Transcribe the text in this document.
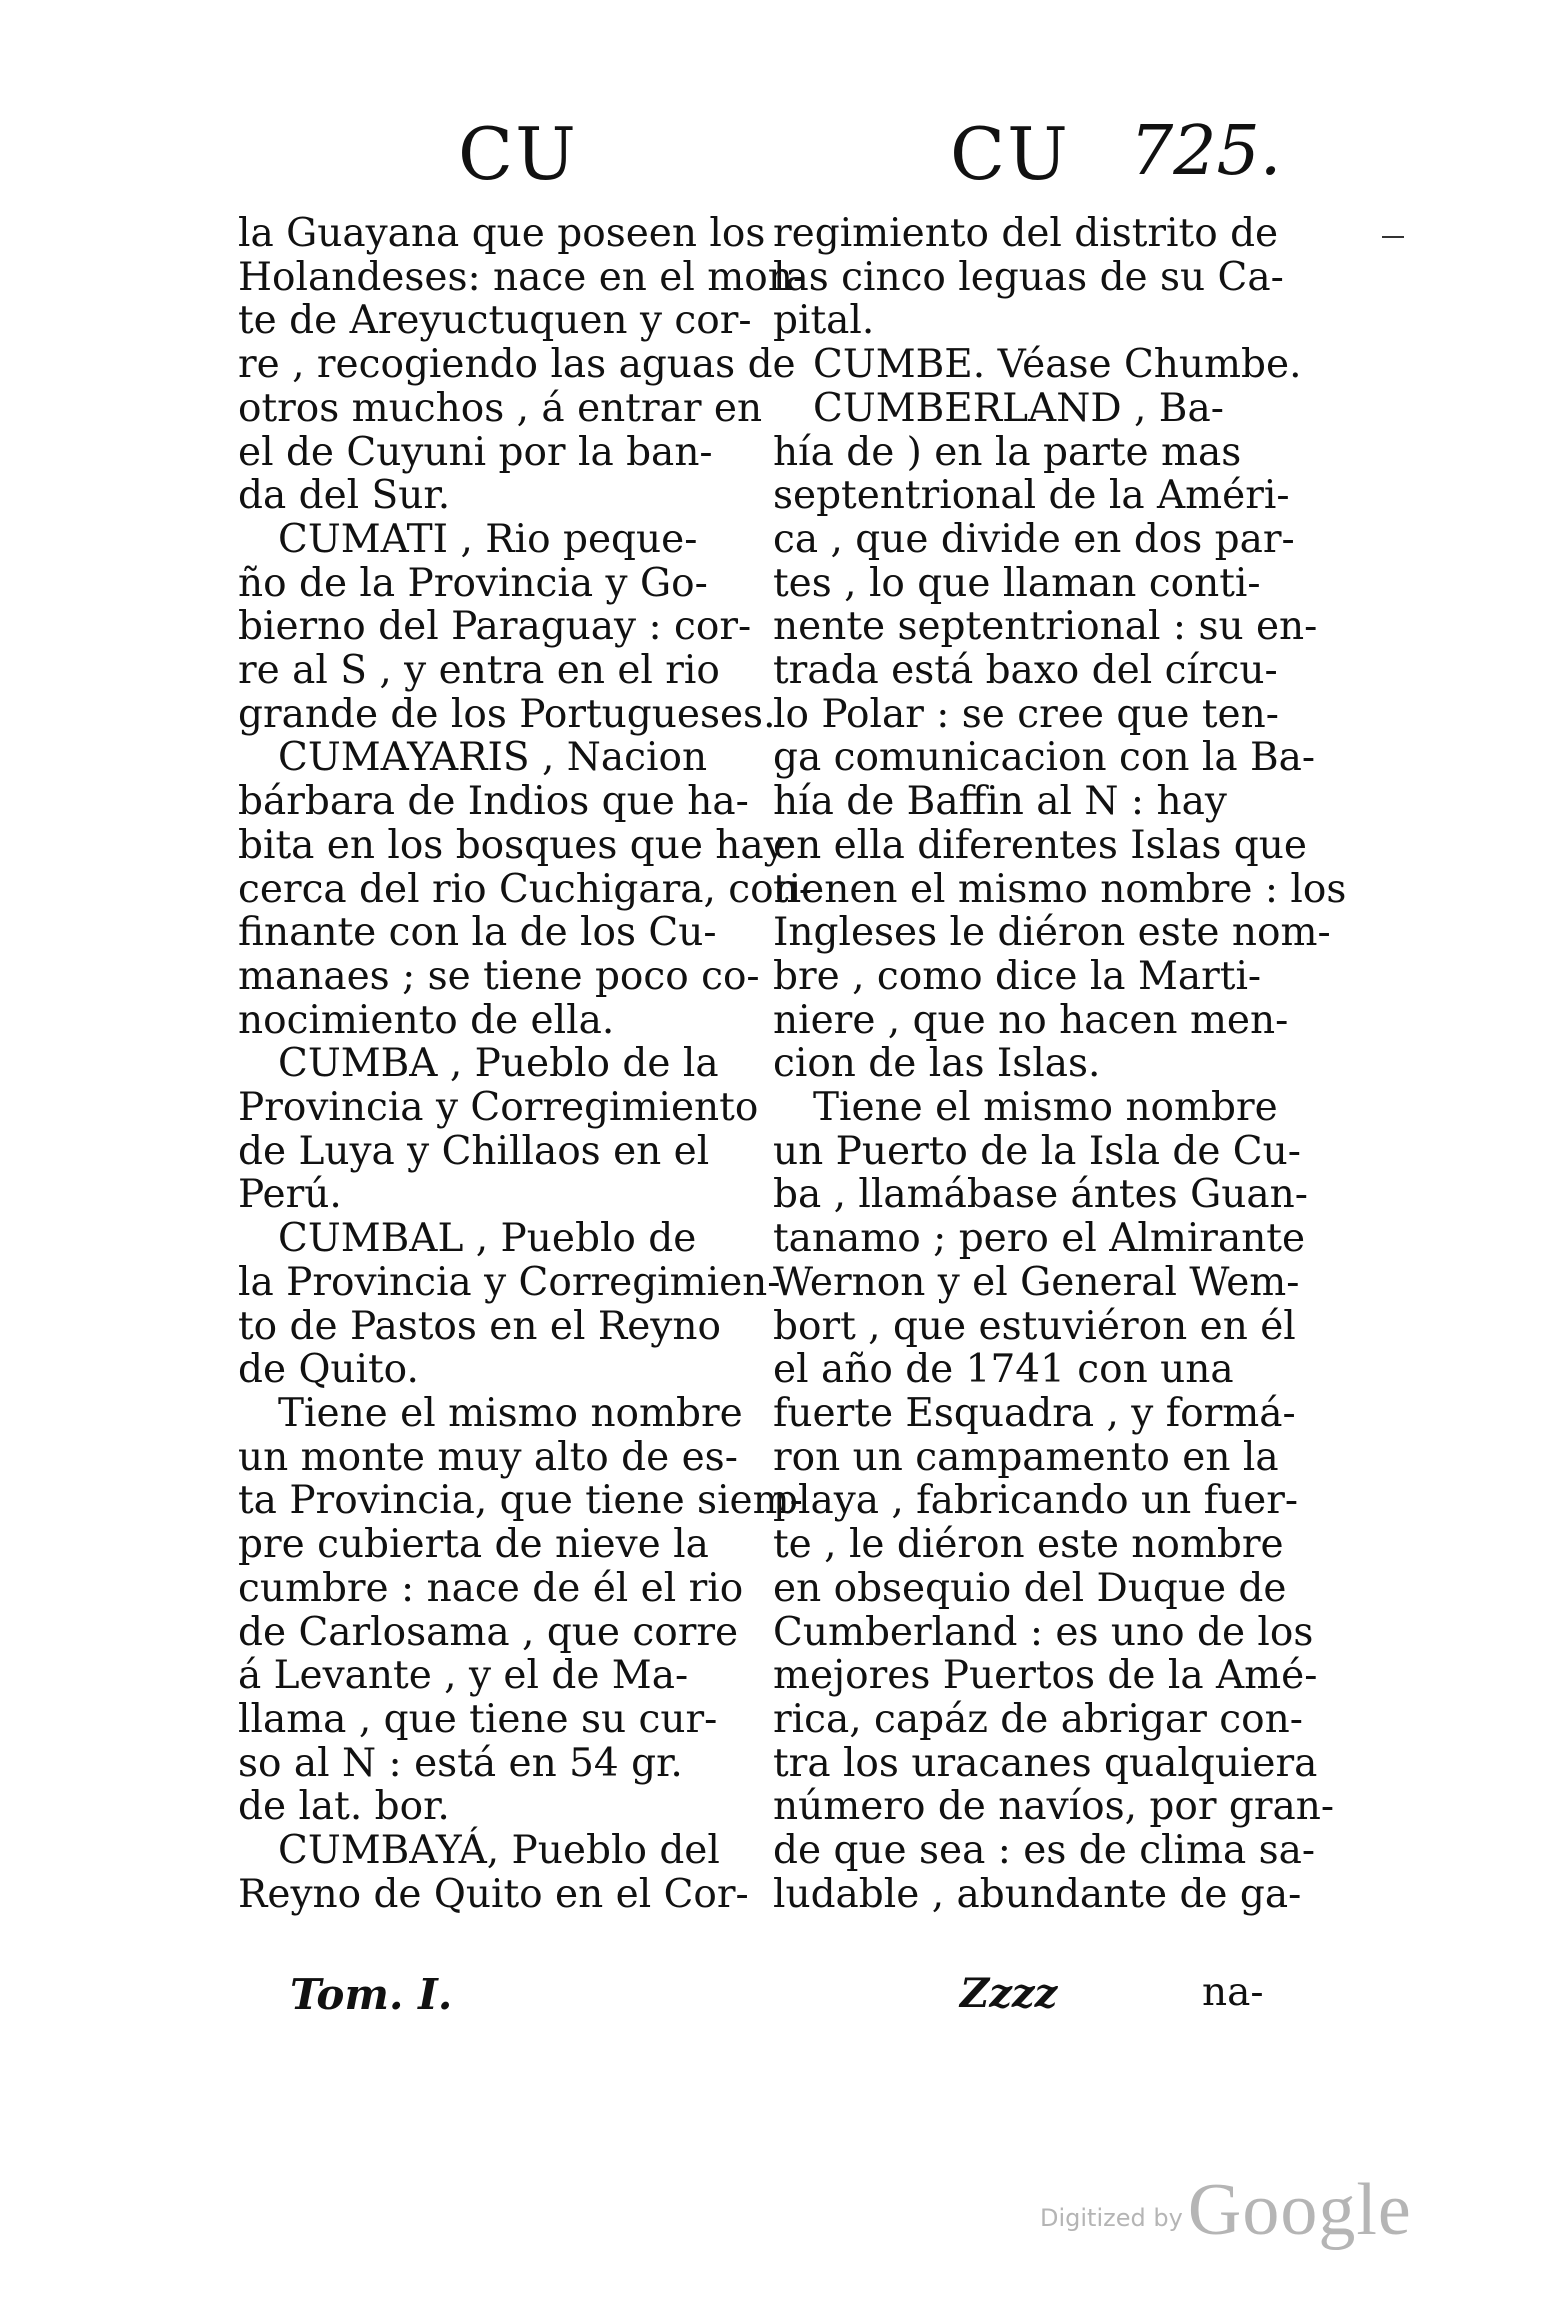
CU	CU 725.
la Guayana que poseen los
Holandeses: nace en el mon-
te de Areyuctuquen y cor-
re , recogiendo las aguas de
otros muchos , á entrar en
el de Cuyuni por la ban-
da del Sur.
CUMATI , Rio peque-
ño de la Provincia y Go-
bierno del Paraguay : cor-
re al S , y entra en el rio
grande de los Portugueses.
CUMAYARIS , Nacion
bárbara de Indios que ha-
bita en los bosques que hay
cerca del rio Cuchigara, con-
finante con la de los Cu-
manaes ; se tiene poco co-
nocimiento de ella.
CUMBA , Pueblo de la
Provincia y Corregimiento
de Luya y Chillaos en el
Perú.
CUMBAL , Pueblo de
la Provincia y Corregimien-
to de Pastos en el Reyno
de Quito.
Tiene el mismo nombre
un monte muy alto de es-
ta Provincia, que tiene siem-
pre cubierta de nieve la
cumbre : nace de él el rio
de Carlosama , que corre
á Levante , y el de Ma-
llama , que tiene su cur-
so al N : está en 54 gr.
de lat. bor.
CUMBAYÁ, Pueblo del
Reyno de Quito en el Cor-
regimiento del distrito de
las cinco leguas de su Ca-
pital.
CUMBE. Véase Chumbe.
CUMBERLAND , Ba-
hía de ) en la parte mas
septentrional de la Améri-
ca , que divide en dos par-
tes , lo que llaman conti-
nente septentrional : su en-
trada está baxo del círcu-
lo Polar : se cree que ten-
ga comunicacion con la Ba-
hía de Baffin al N : hay
en ella diferentes Islas que
tienen el mismo nombre : los
Ingleses le diéron este nom-
bre , como dice la Marti-
niere , que no hacen men-
cion de las Islas.
Tiene el mismo nombre
un Puerto de la Isla de Cu-
ba , llamábase ántes Guan-
tanamo ; pero el Almirante
Wernon y el General Wem-
bort , que estuviéron en él
el año de 1741 con una
fuerte Esquadra , y formá-
ron un campamento en la
playa , fabricando un fuer-
te , le diéron este nombre
en obsequio del Duque de
Cumberland : es uno de los
mejores Puertos de la Amé-
rica, capáz de abrigar con-
tra los uracanes qualquiera
número de navíos, por gran-
de que sea : es de clima sa-
ludable , abundante de ga-
Tom. I.	Zzzz	na-
Digitized by Google
